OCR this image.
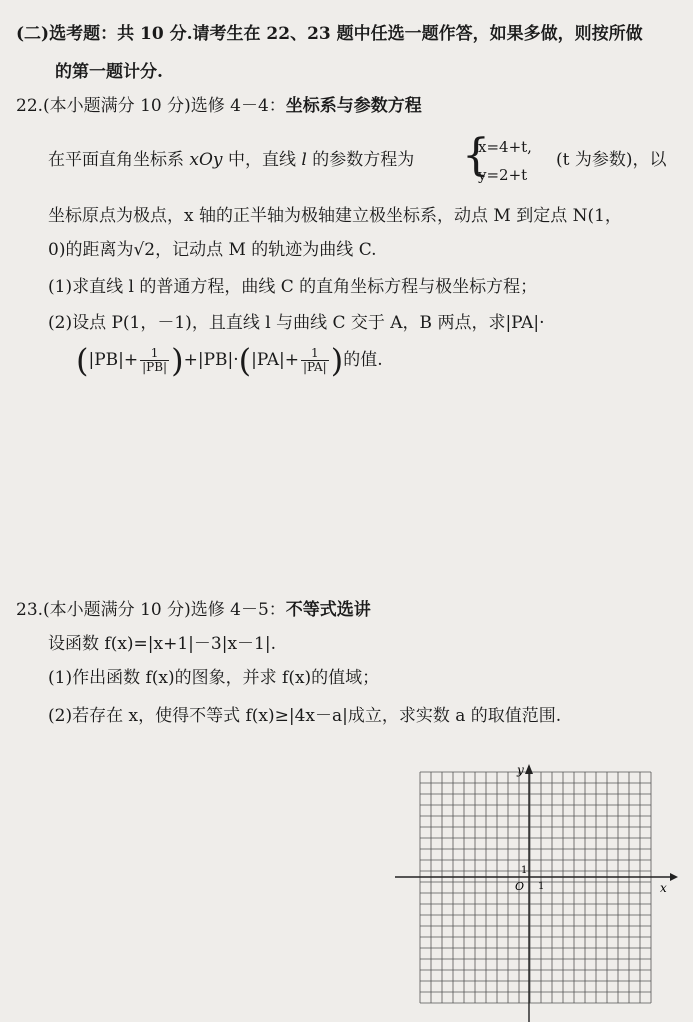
(二)选考题：共 10 分.请考生在 22、23 题中任选一题作答，如果多做，则按所做
的第一题计分.
22.(本小题满分 10 分)选修 4－4：坐标系与参数方程
在平面直角坐标系 xOy 中，直线 l 的参数方程为 {
x=4+t,
y=2+t
(t 为参数)，以
坐标原点为极点，x 轴的正半轴为极轴建立极坐标系，动点 M 到定点 N(1，
0)的距离为√2，记动点 M 的轨迹为曲线 C.
(1)求直线 l 的普通方程，曲线 C 的直角坐标方程与极坐标方程；
(2)设点 P(1，－1)，且直线 l 与曲线 C 交于 A，B 两点，求|PA|·
$(|PB|+ \frac{1}{|PB|} )+|PB|\cdot(|PA|+ \frac{1}{|PA|}$ )的值.
23.(本小题满分 10 分)选修 4－5：不等式选讲
设函数 f(x)=|x+1|－3|x－1|.
(1)作出函数 f(x)的图象，并求 f(x)的值域；
(2)若存在 x，使得不等式 f(x)≥|4x－a|成立，求实数 a 的取值范围.
y
x
O 1
1
